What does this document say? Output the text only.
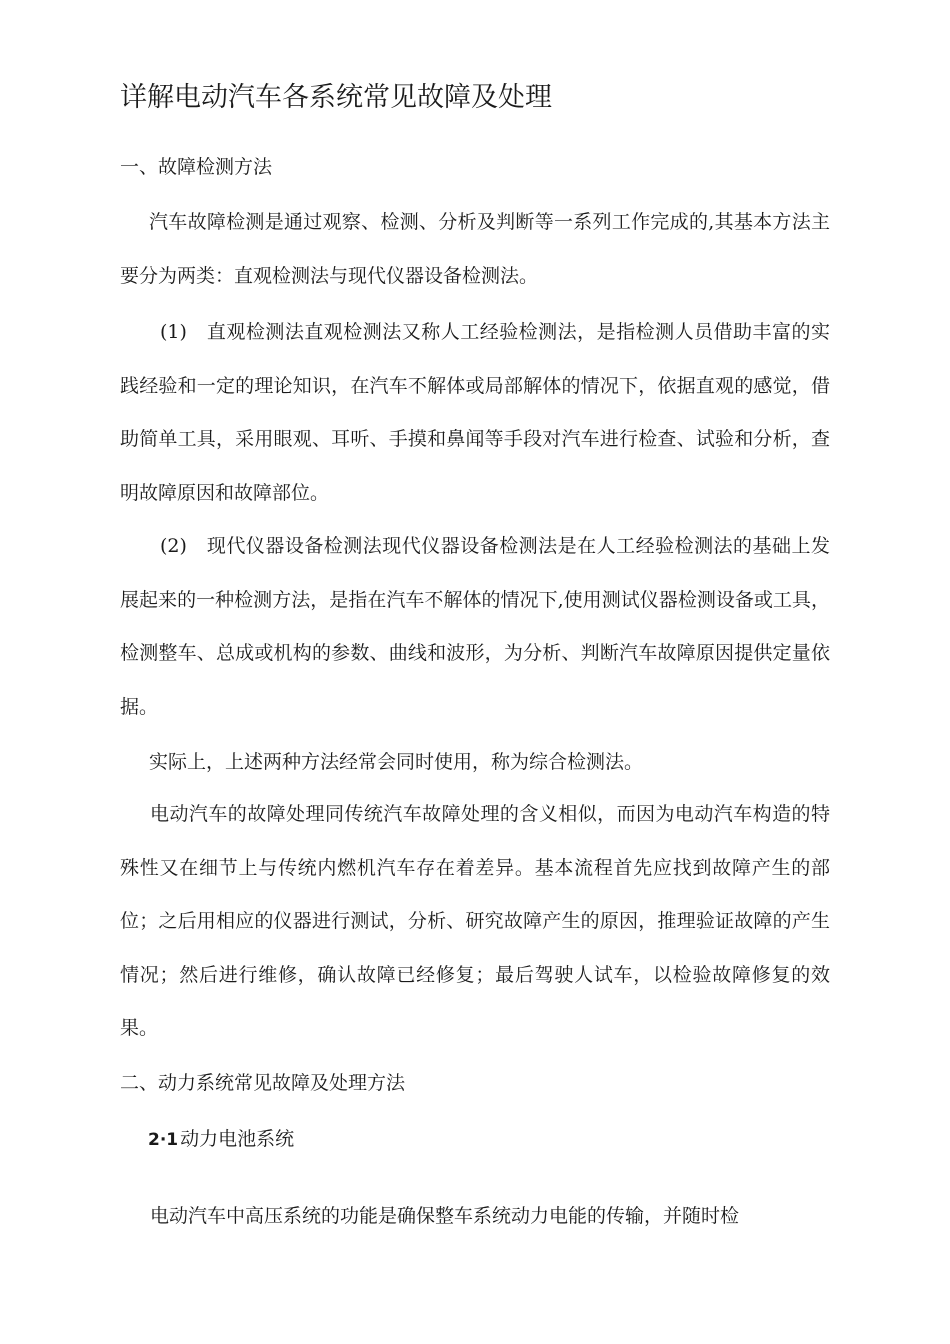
详解电动汽车各系统常见故障及处理

一、故障检测方法

汽车故障检测是通过观察、检测、分析及判断等一系列工作完成的,其基本方法主要分为两类：直观检测法与现代仪器设备检测法。

(1)　直观检测法直观检测法又称人工经验检测法，是指检测人员借助丰富的实践经验和一定的理论知识，在汽车不解体或局部解体的情况下，依据直观的感觉，借助简单工具，采用眼观、耳听、手摸和鼻闻等手段对汽车进行检查、试验和分析，查明故障原因和故障部位。

(2)　现代仪器设备检测法现代仪器设备检测法是在人工经验检测法的基础上发展起来的一种检测方法，是指在汽车不解体的情况下,使用测试仪器检测设备或工具，检测整车、总成或机构的参数、曲线和波形，为分析、判断汽车故障原因提供定量依据。

实际上，上述两种方法经常会同时使用，称为综合检测法。

电动汽车的故障处理同传统汽车故障处理的含义相似，而因为电动汽车构造的特殊性又在细节上与传统内燃机汽车存在着差异。基本流程首先应找到故障产生的部位；之后用相应的仪器进行测试，分析、研究故障产生的原因，推理验证故障的产生情况；然后进行维修，确认故障已经修复；最后驾驶人试车，以检验故障修复的效果。

二、动力系统常见故障及处理方法

2·1 动力电池系统

电动汽车中高压系统的功能是确保整车系统动力电能的传输，并随时检
